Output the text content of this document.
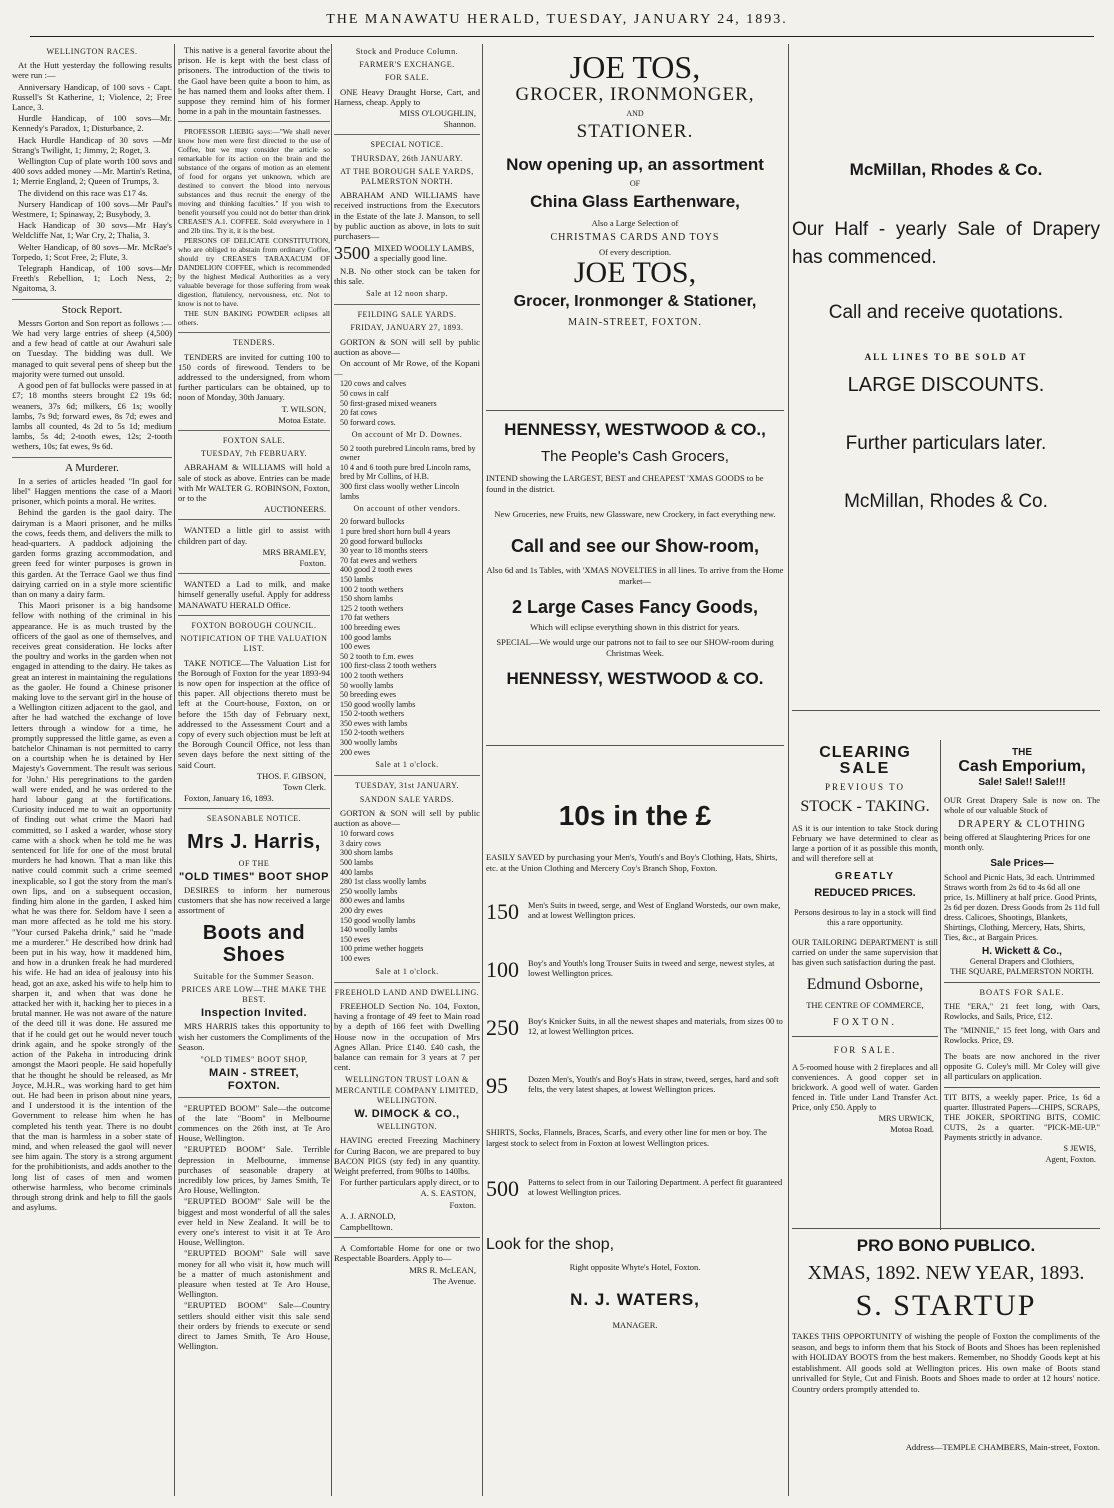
THE MANAWATU HERALD, TUESDAY, JANUARY 24, 1893.
WELLINGTON RACES.
At the Hutt yesterday the following results were run :—
Anniversary Handicap, of 100 sovs - Capt. Russell's St Katherine, 1; Violence, 2; Free Lance, 3.
Hurdle Handicap, of 100 sovs—Mr. Kennedy's Paradox, 1; Disturbance, 2.
Hack Hurdle Handicap of 30 sovs —Mr Strang's Twilight, 1; Jimmy, 2; Roget, 3.
Wellington Cup of plate worth 100 sovs and 400 sovs added money —Mr. Martin's Retina, 1; Merrie England, 2; Queen of Trumps, 3.
The dividend on this race was £17 4s.
Nursery Handicap of 100 sovs—Mr Paul's Westmere, 1; Spinaway, 2; Busybody, 3.
Hack Handicap of 30 sovs—Mr Hay's Weldcliffe Nat, 1; War Cry, 2; Thalia, 3.
Welter Handicap, of 80 sovs—Mr. McRae's Torpedo, 1; Scot Free, 2; Flute, 3.
Telegraph Handicap, of 100 sovs—Mr Freeth's Rebellion, 1; Loch Ness, 2; Ngaitoma, 3.
Stock Report.
Messrs Gorton and Son report as follows :—We had very large entries of sheep (4,500) and a few head of cattle at our Awahuri sale on Tuesday. The bidding was dull. We managed to quit several pens of sheep but the majority were turned out unsold.
A good pen of fat bullocks were passed in at £7; 18 months steers brought £2 19s 6d; weaners, 37s 6d; milkers, £6 1s; woolly lambs, 7s 9d; forward ewes, 8s 7d; ewes and lambs all counted, 4s 2d to 5s 1d; medium lambs, 5s 4d; 2-tooth ewes, 12s; 2-tooth wethers, 10s; fat ewes, 9s 6d.
A Murderer.
In a series of articles headed "In gaol for libel" Haggen mentions the case of a Maori prisoner, which points a moral. He writes.
Behind the garden is the gaol dairy. The dairyman is a Maori prisoner, and he milks the cows, feeds them, and delivers the milk to head-quarters. A paddock adjoining the garden forms grazing accommodation, and green feed for winter purposes is grown in this garden. At the Terrace Gaol we thus find dairying carried on in a style more scientific than on many a dairy farm.
This Maori prisoner is a big handsome fellow with nothing of the criminal in his appearance. He is as much trusted by the officers of the gaol as one of themselves, and receives great consideration. He locks after the poultry and works in the garden when not engaged in attending to the dairy. He takes as great an interest in maintaining the regulations as the gaoler. He found a Chinese prisoner making love to the servant girl in the house of a Wellington citizen adjacent to the gaol, and after he had watched the exchange of love letters through a window for a time, he promptly suppressed the little game, as even a batchelor Chinaman is not permitted to carry on a courtship when he is detained by Her Majesty's Government. The result was serious for 'John.' His peregrinations to the garden wall were ended, and he was ordered to the hard labour gang at the fortifications. Curiosity induced me to wait an opportunity of finding out what crime the Maori had committed, so I asked a warder, whose story came with a shock when he told me he was sentenced for life for one of the most brutal murders he had known. That a man like this native could commit such a crime seemed inexplicable, so I got the story from the man's own lips, and on a subsequent occasion, finding him alone in the garden, I asked him what he was there for. Seldom have I seen a man more affected as he told me his story. "Your cursed Pakeha drink," said he "made me a murderer." He described how drink had been put in his way, how it maddened him, and how in a drunken freak he had murdered his wife. He had an idea of jealousy into his head, got an axe, asked his wife to help him to sharpen it, and when that was done he attacked her with it, hacking her to pieces in a brutal manner. He was not aware of the nature of the deed till it was done. He assured me that if he could get out he would never touch drink again, and he spoke strongly of the action of the Pakeha in introducing drink amongst the Maori people. He said hopefully that he thought he should be released, as Mr Joyce, M.H.R., was working hard to get him out. He had been in prison about nine years, and I understood it is the intention of the Government to release him when he has completed his tenth year. There is no doubt that the man is harmless in a sober state of mind, and when released the gaol will never see him again. The story is a strong argument for the prohibitionists, and adds another to the long list of cases of men and women otherwise harmless, who become criminals through strong drink and help to fill the gaols and asylums.
This native is a general favorite about the prison. He is kept with the best class of prisoners. The introduction of the tiwis to the Gaol have been quite a boon to him, as he has named them and looks after them. I suppose they remind him of his former home in a pah in the mountain fastnesses.
PROFESSOR LIEBIG says:—"We shall never know how men were first directed to the use of Coffee, but we may consider the article so remarkable for its action on the brain and the substance of the organs of motion as an element of food for organs yet unknown, which are destined to convert the blood into nervous substances and thus recruit the energy of the moving and thinking faculties." If you wish to benefit yourself you could not do better than drink CREASE'S A.1. COFFEE. Sold everywhere in 1 and 2lb tins. Try it, it is the best.
PERSONS OF DELICATE CONSTITUTION, who are obliged to abstain from ordinary Coffee, should try CREASE'S TARAXACUM OF DANDELION COFFEE, which is recommended by the highest Medical Authorities as a very valuable beverage for those suffering from weak digestion, flatulency, nervousness, etc. Not to know is not to have.
THE SUN BAKING POWDER eclipses all others.
TENDERS.
TENDERS are invited for cutting 100 to 150 cords of firewood. Tenders to be addressed to the undersigned, from whom further particulars can be obtained, up to noon of Monday, 30th January.
T. WILSON,
Motoa Estate.
FOXTON SALE.
TUESDAY, 7th FEBRUARY.
ABRAHAM & WILLIAMS will hold a sale of stock as above. Entries can be made with Mr WALTER G. ROBINSON, Foxton, or to the
AUCTIONEERS.
WANTED a little girl to assist with children part of day.
MRS BRAMLEY,
Foxton.
WANTED a Lad to milk, and make himself generally useful. Apply for address MANAWATU HERALD Office.
FOXTON BOROUGH COUNCIL.
NOTIFICATION OF THE VALUATION LIST.
TAKE NOTICE—The Valuation List for the Borough of Foxton for the year 1893-94 is now open for inspection at the office of this paper. All objections thereto must be left at the Court-house, Foxton, on or before the 15th day of February next, addressed to the Assessment Court and a copy of every such objection must be left at the Borough Council Office, not less than seven days before the next sitting of the said Court.
THOS. F. GIBSON,
Town Clerk.
Foxton, January 16, 1893.
SEASONABLE NOTICE.
Mrs J. Harris,
OF THE
"OLD TIMES" BOOT SHOP
DESIRES to inform her numerous customers that she has now received a large assortment of
Boots and Shoes
Suitable for the Summer Season.
PRICES ARE LOW—THE MAKE THE BEST.
Inspection Invited.
MRS HARRIS takes this opportunity to wish her customers the Compliments of the Season.
"OLD TIMES" BOOT SHOP,
MAIN - STREET,
FOXTON.
"ERUPTED BOOM" Sale—the outcome of the late "Boom" in Melbourne commences on the 26th inst, at Te Aro House, Wellington.
"ERUPTED BOOM" Sale. Terrible depression in Melbourne, immense purchases of seasonable drapery at incredibly low prices, by James Smith, Te Aro House, Wellington.
"ERUPTED BOOM" Sale will be the biggest and most wonderful of all the sales ever held in New Zealand. It will be to every one's interest to visit it at Te Aro House, Wellington.
"ERUPTED BOOM" Sale will save money for all who visit it, how much will be a matter of much astonishment and pleasure when tested at Te Aro House, Wellington.
"ERUPTED BOOM" Sale—Country settlers should either visit this sale send their orders by friends to execute or send direct to James Smith, Te Aro House, Wellington.
Stock and Produce Column.
FARMER'S EXCHANGE.
FOR SALE.
ONE Heavy Draught Horse, Cart, and Harness, cheap. Apply to
MISS O'LOUGHLIN,
Shannon.
SPECIAL NOTICE.
THURSDAY, 26th JANUARY.
AT THE BOROUGH SALE YARDS, PALMERSTON NORTH.
ABRAHAM AND WILLIAMS have received instructions from the Executors in the Estate of the late J. Manson, to sell by public auction as above, in lots to suit purchasers—
3500 MIXED WOOLLY LAMBS, a specially good line.
N.B. No other stock can be taken for this sale.
Sale at 12 noon sharp.
FEILDING SALE YARDS.
FRIDAY, JANUARY 27, 1893.
GORTON & SON will sell by public auction as above—
On account of Mr Rowe, of the Kopani—
120 cows and calves
50 cows in calf
50 first-grased mixed weaners
20 fat cows
50 forward cows.
On account of Mr D. Downes.
50 2 tooth purebred Lincoln rams, bred by owner
10 4 and 6 tooth pure bred Lincoln rams, bred by Mr Collins, of H.B.
300 first class woolly wether Lincoln lambs
On account of other vendors.
20 forward bullocks
1 pure bred short horn bull 4 years
20 good forward bullocks
30 year to 18 months steers
70 fat ewes and wethers
400 good 2 tooth ewes
150 lambs
100 2 tooth wethers
150 shorn lambs
125 2 tooth wethers
170 fat wethers
100 breeding ewes
100 good lambs
100 ewes
50 2 tooth to f.m. ewes
100 first-class 2 tooth wethers
100 2 tooth wethers
50 woolly lambs
50 breeding ewes
150 good woolly lambs
150 2-tooth wethers
350 ewes with lambs
150 2-tooth wethers
300 woolly lambs
200 ewes
Sale at 1 o'clock.
TUESDAY, 31st JANUARY.
SANDON SALE YARDS.
GORTON & SON will sell by public auction as above—
10 forward cows
3 dairy cows
300 shorn lambs
500 lambs
400 lambs
280 1st class woolly lambs
250 woolly lambs
800 ewes and lambs
200 dry ewes
150 good woolly lambs
140 woolly lambs
150 ewes
100 prime wether hoggets
100 ewes
Sale at 1 o'clock.
FREEHOLD LAND AND DWELLING.
FREEHOLD Section No. 104, Foxton, having a frontage of 49 feet to Main road by a depth of 166 feet with Dwelling House now in the occupation of Mrs Agnes Allan. Price £140. £40 cash, the balance can remain for 3 years at 7 per cent.
WELLINGTON TRUST LOAN & MERCANTILE COMPANY LIMITED, WELLINGTON.
W. DIMOCK & CO.,
WELLINGTON.
HAVING erected Freezing Machinery for Curing Bacon, we are prepared to buy BACON PIGS (sty fed) in any quantity. Weight preferred, from 90lbs to 140lbs.
For further particulars apply direct, or to
A. S. EASTON,
Foxton.
A. J. ARNOLD,
Campbelltown.
A Comfortable Home for one or two Respectable Boarders. Apply to—
MRS R. McLEAN,
The Avenue.
JOE TOS,
GROCER, IRONMONGER,
AND
STATIONER.
Now opening up, an assortment
OF
China Glass Earthenware,
Also a Large Selection of
CHRISTMAS CARDS AND TOYS
Of every description.
JOE TOS,
Grocer, Ironmonger & Stationer,
MAIN-STREET, FOXTON.
HENNESSY, WESTWOOD & CO.,
The People's Cash Grocers,
INTEND showing the LARGEST, BEST and CHEAPEST 'XMAS GOODS to be found in the district.
New Groceries, new Fruits, new Glassware, new Crockery, in fact everything new.
Call and see our Show-room,
Also 6d and 1s Tables, with 'XMAS NOVELTIES in all lines. To arrive from the Home market—
2 Large Cases Fancy Goods,
Which will eclipse everything shown in this district for years.
SPECIAL—We would urge our patrons not to fail to see our SHOW-room during Christmas Week.
HENNESSY, WESTWOOD & CO.
10s in the £
EASILY SAVED by purchasing your Men's, Youth's and Boy's Clothing, Hats, Shirts, etc. at the Union Clothing and Mercery Coy's Branch Shop, Foxton.
150	Men's Suits in tweed, serge, and West of England Worsteds, our own make, and at lowest Wellington prices.
100	Boy's and Youth's long Trouser Suits in tweed and serge, newest styles, at lowest Wellington prices.
250	Boy's Knicker Suits, in all the newest shapes and materials, from sizes 00 to 12, at lowest Wellington prices.
95	Dozen Men's, Youth's and Boy's Hats in straw, tweed, serges, hard and soft felts, the very latest shapes, at lowest Wellington prices.
SHIRTS, Socks, Flannels, Braces, Scarfs, and every other line for men or boy. The largest stock to select from in Foxton at lowest Wellington prices.
500	Patterns to select from in our Tailoring Department. A perfect fit guaranteed at lowest Wellington prices.
Look for the shop,
Right opposite Whyte's Hotel, Foxton.
N. J. WATERS,
MANAGER.
McMillan, Rhodes & Co.
Our Half - yearly Sale of Drapery has commenced.
Call and receive quotations.
ALL LINES TO BE SOLD AT
LARGE DISCOUNTS.
Further particulars later.
McMillan, Rhodes & Co.
CLEARING
SALE
PREVIOUS TO
STOCK - TAKING.
AS it is our intention to take Stock during February we have determined to clear as large a portion of it as possible this month, and will therefore sell at
GREATLY
REDUCED PRICES.
Persons desirous to lay in a stock will find this a rare opportunity.
OUR TAILORING DEPARTMENT is still carried on under the same supervision that has given such satisfaction during the past.
Edmund Osborne,
THE CENTRE OF COMMERCE,
FOXTON.
FOR SALE.
A 5-roomed house with 2 fireplaces and all conveniences. A good copper set in brickwork. A good well of water. Garden fenced in. Title under Land Transfer Act. Price, only £50. Apply to
MRS URWICK,
Motoa Road.
THE
Cash Emporium,
Sale! Sale!! Sale!!!
OUR Great Drapery Sale is now on. The whole of our valuable Stock of
DRAPERY & CLOTHING
being offered at Slaughtering Prices for one month only.
Sale Prices—
School and Picnic Hats, 3d each. Untrimmed Straws worth from 2s 6d to 4s 6d all one price, 1s. Millinery at half price. Good Prints, 2s 6d per dozen. Dress Goods from 2s 11d full dress. Calicoes, Shootings, Blankets, Shirtings, Clothing, Mercery, Hats, Shirts, Ties, &c., at Bargain Prices.
H. Wickett & Co.,
General Drapers and Clothiers,
THE SQUARE, PALMERSTON NORTH.
BOATS FOR SALE.
THE "ERA," 21 feet long, with Oars, Rowlocks, and Sails, Price, £12.
The "MINNIE," 15 feet long, with Oars and Rowlocks. Price, £9.
The boats are now anchored in the river opposite G. Coley's mill. Mr Coley will give all particulars on application.
TIT BITS, a weekly paper. Price, 1s 6d a quarter. Illustrated Papers—CHIPS, SCRAPS, THE JOKER, SPORTING BITS, COMIC CUTS, 2s a quarter. "PICK-ME-UP." Payments strictly in advance.
S JEWIS,
Agent, Foxton.
PRO BONO PUBLICO.
XMAS, 1892. NEW YEAR, 1893.
S. STARTUP
TAKES THIS OPPORTUNITY of wishing the people of Foxton the compliments of the season, and begs to inform them that his Stock of Boots and Shoes has been replenished with HOLIDAY BOOTS from the best makers. Remember, no Shoddy Goods kept at his establishment. All goods sold at Wellington prices. His own make of Boots stand unrivalled for Style, Cut and Finish. Boots and Shoes made to order at 12 hours' notice. Country orders promptly attended to.
Address—TEMPLE CHAMBERS, Main-street, Foxton.
